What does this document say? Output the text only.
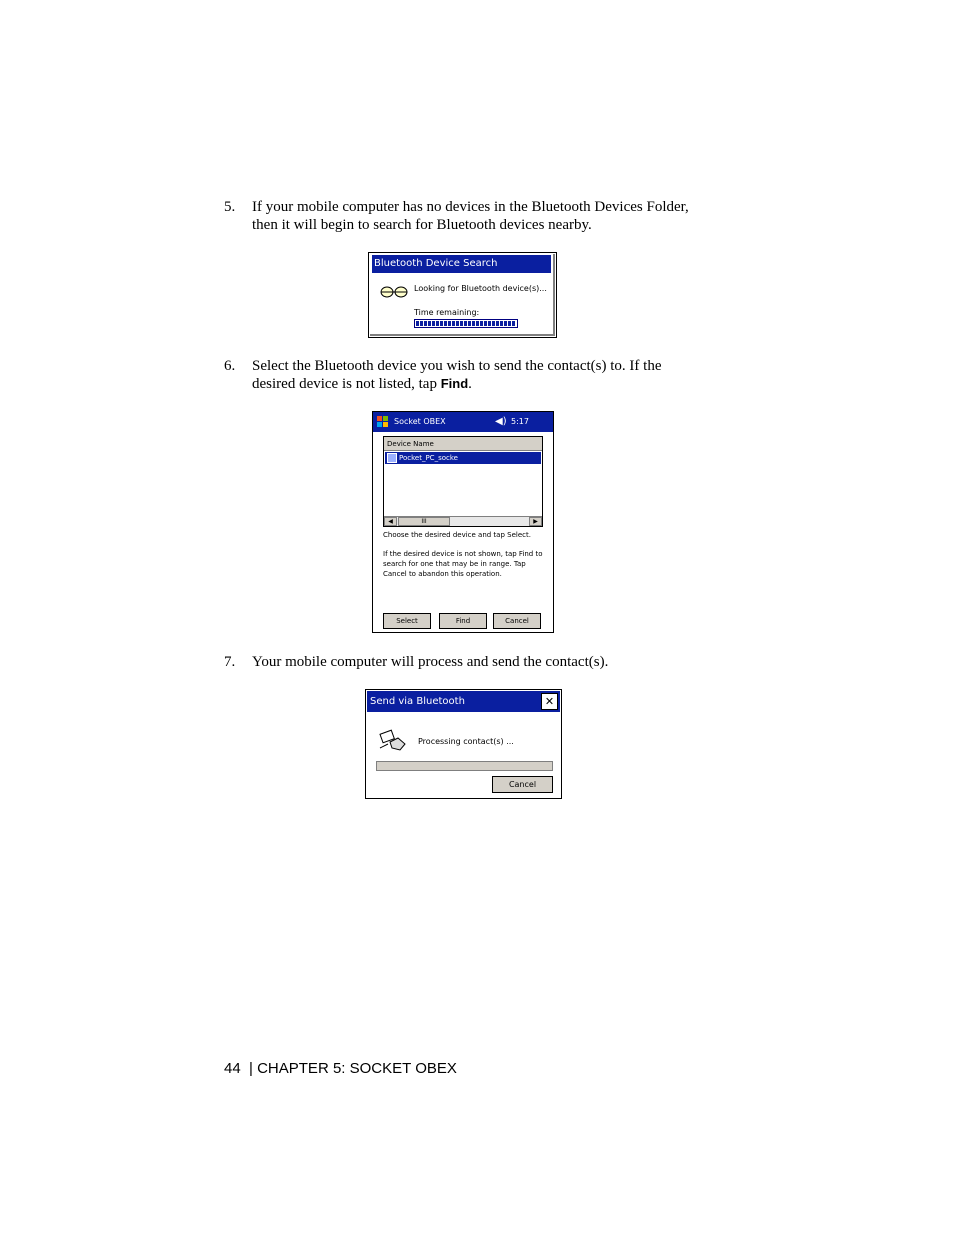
5. If your mobile computer has no devices in the Bluetooth Devices Folder, then it will begin to search for Bluetooth devices nearby.
Bluetooth Device Search
Looking for Bluetooth device(s)...
Time remaining:
6. Select the Bluetooth device you wish to send the contact(s) to. If the desired device is not listed, tap Find.
Socket OBEX	◀) 5:17
Device Name
Pocket_PC_socke
◀	III	▶
Choose the desired device and tap Select.
If the desired device is not shown, tap Find to search for one that may be in range. Tap Cancel to abandon this operation.
Select	Find	Cancel
7. Your mobile computer will process and send the contact(s).
Send via Bluetooth	✕
Processing contact(s) ...
Cancel
44 | CHAPTER 5: SOCKET OBEX
